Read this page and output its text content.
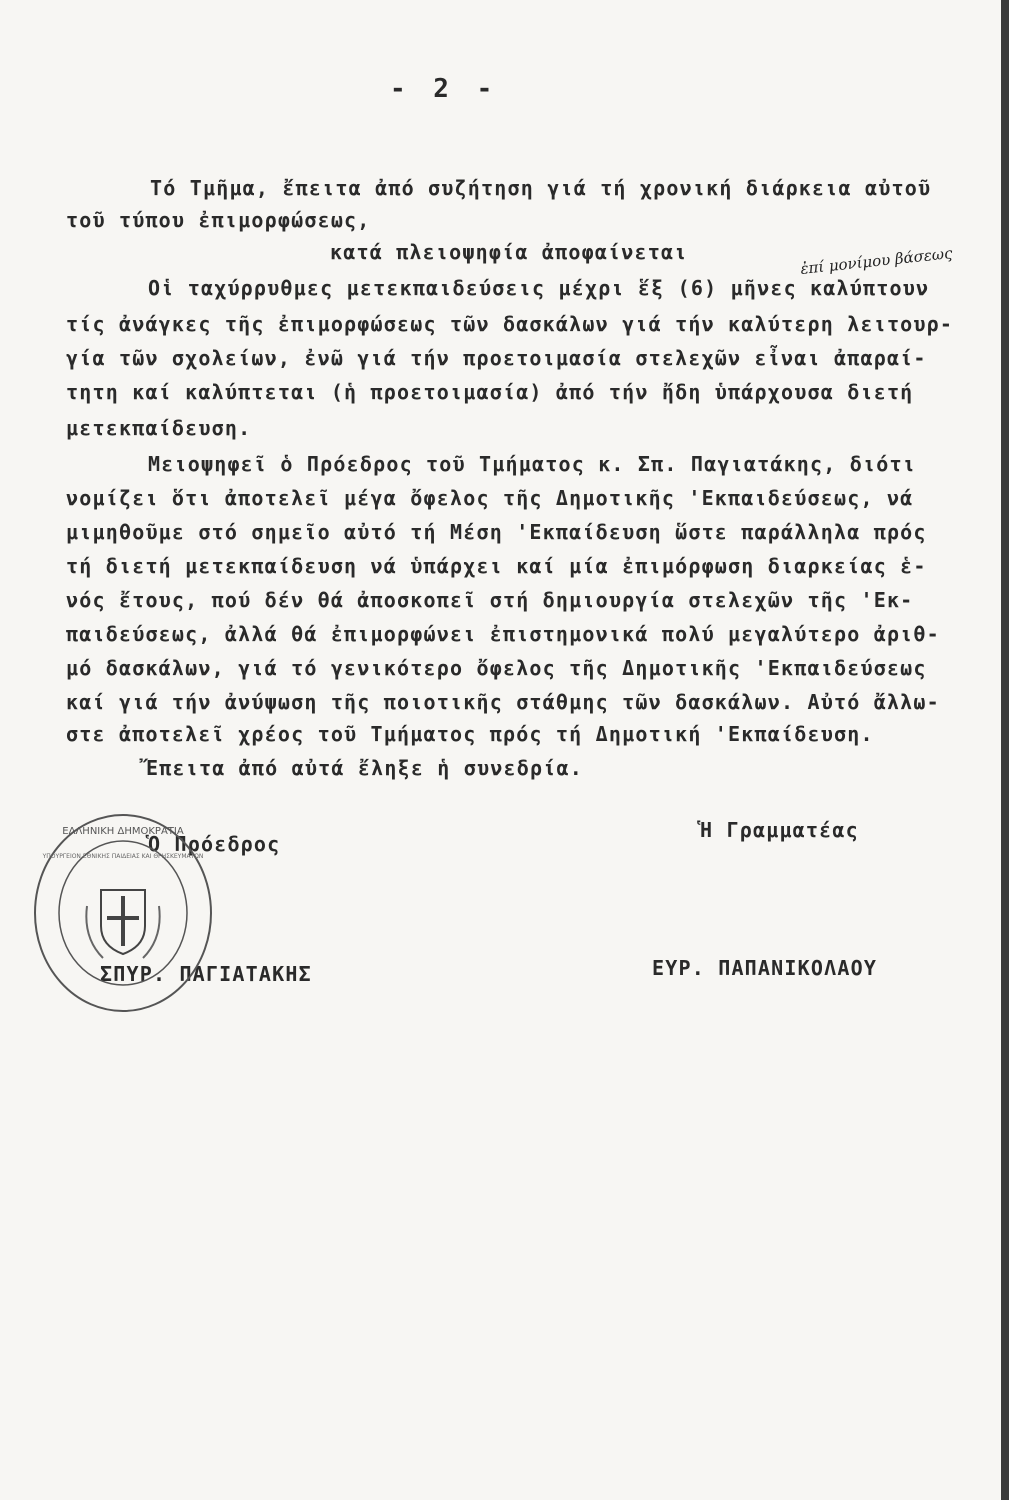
- 2 -
Τό Τμῆμα, ἔπειτα ἀπό συζήτηση γιά τή χρονική διάρκεια αὐτοῦ
τοῦ τύπου ἐπιμορφώσεως,
κατά πλειοψηφία ἀποφαίνεται	ἐπί μονίμου βάσεως
Οἱ ταχύρρυθμες μετεκπαιδεύσεις μέχρι ἕξ (6) μῆνες καλύπτουν
τίς ἀνάγκες τῆς ἐπιμορφώσεως τῶν δασκάλων γιά τήν καλύτερη λειτουρ-
γία τῶν σχολείων, ἐνῶ γιά τήν προετοιμασία στελεχῶν εἶναι ἀπαραί-
τητη καί καλύπτεται (ἡ προετοιμασία) ἀπό τήν ἤδη ὑπάρχουσα διετή
μετεκπαίδευση.
Μειοψηφεῖ ὁ Πρόεδρος τοῦ Τμήματος κ. Σπ. Παγιατάκης, διότι
νομίζει ὅτι ἀποτελεῖ μέγα ὄφελος τῆς Δημοτικῆς 'Εκπαιδεύσεως, νά
μιμηθοῦμε στό σημεῖο αὐτό τή Μέση 'Εκπαίδευση ὥστε παράλληλα πρός
τή διετή μετεκπαίδευση νά ὑπάρχει καί μία ἐπιμόρφωση διαρκείας ἑ-
νός ἔτους, πού δέν θά ἀποσκοπεῖ στή δημιουργία στελεχῶν τῆς 'Εκ-
παιδεύσεως, ἀλλά θά ἐπιμορφώνει ἐπιστημονικά πολύ μεγαλύτερο ἀριθ-
μό δασκάλων, γιά τό γενικότερο ὄφελος τῆς Δημοτικῆς 'Εκπαιδεύσεως
καί γιά τήν ἀνύψωση τῆς ποιοτικῆς στάθμης τῶν δασκάλων. Αὐτό ἄλλω-
στε ἀποτελεῖ χρέος τοῦ Τμήματος πρός τή Δημοτική 'Εκπαίδευση.
Ἔπειτα ἀπό αὐτά ἔληξε ἡ συνεδρία.
Ὁ Πρόεδρος
Ἡ Γραμματέας
ΣΠΥΡ. ΠΑΓΙΑΤΑΚΗΣ	ΕΥΡ. ΠΑΠΑΝΙΚΟΛΑΟΥ
ΕΛΛΗΝΙΚΗ ΔΗΜΟΚΡΑΤΙΑ
ΥΠΟΥΡΓΕΙΟΝ ΕΘΝΙΚΗΣ ΠΑΙΔΕΙΑΣ ΚΑΙ ΘΡΗΣΚΕΥΜΑΤΩΝ
